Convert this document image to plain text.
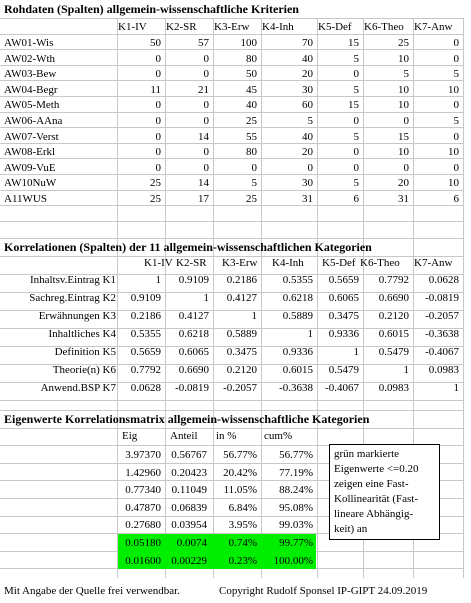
Rohdaten (Spalten) allgemein-wissenschaftliche Kriterien
K1-IV	K2-SR	K3-Erw	K4-Inh	K5-Def	K6-Theo K7-Anw
AW01-Wis	50	57	100	70	15	25	0
AW02-Wth	0	0	80	40	5	10	0
AW03-Bew	0	0	50	20	0	5	5
AW04-Begr	11	21	45	30	5	10	10
AW05-Meth	0	0	40	60	15	10	0
AW06-AAna	0	0	25	5	0	0	5
AW07-Verst	0	14	55	40	5	15	0
AW08-Erkl	0	0	80	20	0	10	10
AW09-VuE	0	0	0	0	0	0	0
AW10NuW	25	14	5	30	5	20	10
A11WUS	25	17	25	31	6	31	6
Korrelationen (Spalten) der 11 allgemein-wissenschaftlichen Kategorien
K1-IV K2-SR	K3-Erw	K4-Inh	K5-Def K6-Theo	K7-Anw
Inhaltsv.Eintrag K1	1	0.9109	0.2186	0.5355	0.5659	0.7792	0.0628
Sachreg.Eintrag K2	0.9109	1	0.4127	0.6218	0.6065	0.6690	-0.0819
Erwähnungen K3	0.2186	0.4127	1	0.5889	0.3475	0.2120	-0.2057
Inhaltliches K4	0.5355	0.6218	0.5889	1	0.9336	0.6015	-0.3638
Definition K5	0.5659	0.6065	0.3475	0.9336	1	0.5479	-0.4067
Theorie(n) K6	0.7792	0.6690	0.2120	0.6015	0.5479	1	0.0983
Anwend.BSP K7	0.0628	-0.0819	-0.2057	-0.3638	-0.4067	0.0983	1
Eigenwerte Korrelationsmatrix allgemein-wissenschaftliche Kategorien
Eig	Anteil	in %	cum%
3.97370 0.56767	56.77%	56.77%
1.42960 0.20423	20.42%	77.19%
0.77340 0.11049	11.05%	88.24%
0.47870 0.06839	6.84%	95.08%
0.27680 0.03954	3.95%	99.03%
0.05180	0.0074	0.74%	99.77%
0.01600 0.00229	0.23%	100.00%
grün markierte
Eigenwerte <=0.20
zeigen eine Fast-
Kollinearität (Fast-
lineare Abhängig-
keit) an
Mit Angabe der Quelle frei verwendbar.	Copyright Rudolf Sponsel IP-GIPT 24.09.2019
